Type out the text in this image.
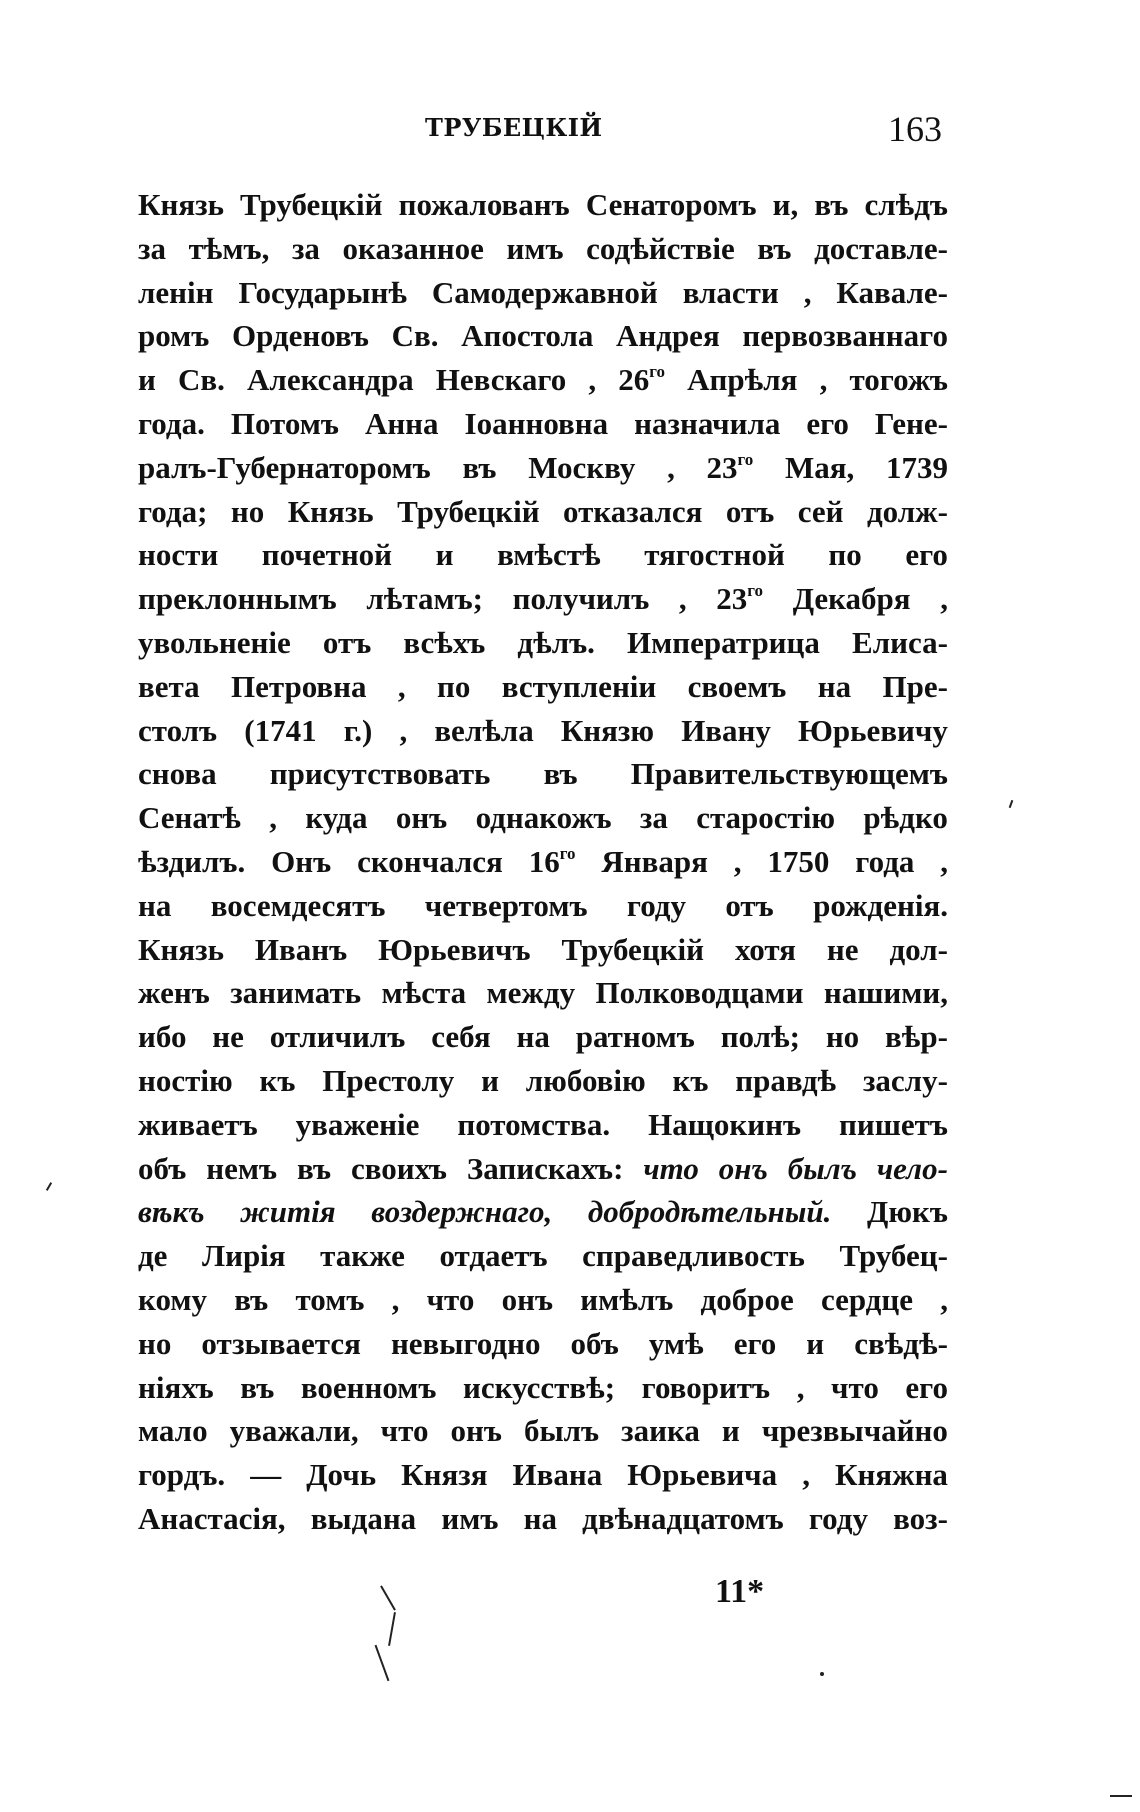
ТРУБЕЦКІЙ	163
Князь Трубецкій пожалованъ Сенаторомъ и, въ слѣдъ
за тѣмъ, за оказанное имъ содѣйствіе въ доставле-
ленін Государынѣ Самодержавной власти , Кавале-
ромъ Орденовъ Св. Апостола Андрея первозваннаго
и Св. Александра Невскаго , $26^{го}$ Апрѣля , тогожъ
года. Потомъ Анна Іоанновна назначила его Гене-
ралъ-Губернаторомъ въ Москву , $23^{го}$ Мая, 1739
года; но Князь Трубецкій отказался отъ сей долж-
ности почетной и вмѣстѣ тягостной по его
преклоннымъ лѣтамъ; получилъ , $23^{го}$ Декабря ,
увольненіе отъ всѣхъ дѣлъ. Императрица Елиса-
вета Петровна , по вступленіи своемъ на Пре-
столъ (1741 г.) , велѣла Князю Ивану Юрьевичу
снова присутствовать въ Правительствующемъ
Сенатѣ , куда онъ однакожъ за старостію рѣдко
ѣздилъ. Онъ скончался $16^{го}$ Января , 1750 года ,
на восемдесятъ четвертомъ году отъ рожденія.
Князь Иванъ Юрьевичъ Трубецкій хотя не дол-
женъ занимать мѣста между Полководцами нашими,
ибо не отличилъ себя на ратномъ полѣ; но вѣр-
ностію къ Престолу и любовію къ правдѣ заслу-
живаетъ уваженіе потомства. Нащокинъ пишетъ
объ немъ въ своихъ Запискахъ: что онъ былъ чело-
вѣкъ житія воздержнаго, добродѣтельный. Дюкъ
де Лирія также отдаетъ справедливость Трубец-
кому въ томъ , что онъ имѣлъ доброе сердце ,
но отзывается невыгодно объ умѣ его и свѣдѣ-
ніяхъ въ военномъ искусствѣ; говоритъ , что его
мало уважали, что онъ былъ заика и чрезвычайно
гордъ. — Дочь Князя Ивана Юрьевича , Княжна
Анастасія, выдана имъ на двѣнадцатомъ году воз-
11*
